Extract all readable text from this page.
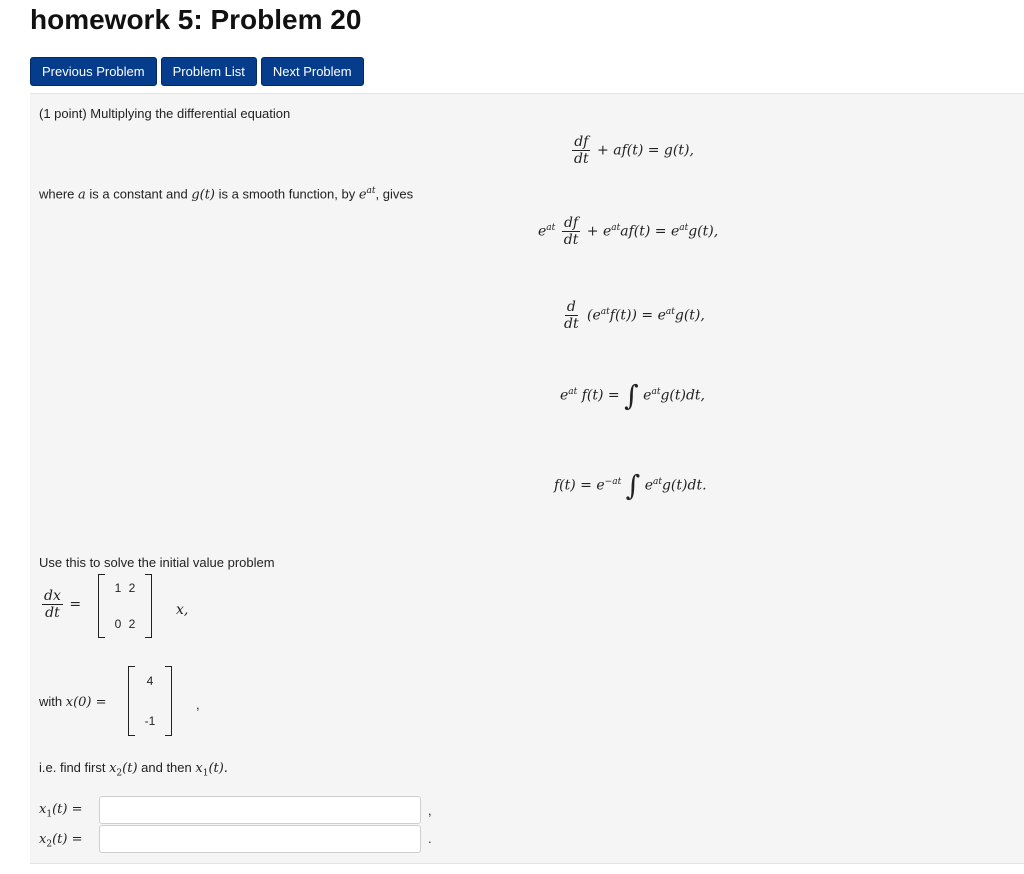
homework 5: Problem 20
Previous Problem	Problem List	Next Problem
(1 point) Multiplying the differential equation
$\frac{df}{dt} + af(t) = g(t)$,
where a is a constant and g(t) is a smooth function, by $e^{at}$, gives
$e^{at} \frac{df}{dt} + e^{at}af(t) = e^{at}g(t)$,
$\frac{d}{dt} (e^{at}f(t)) = e^{at}g(t)$,
$e^{at}$ f(t) = ∫ $e^{at}g(t)dt$,
$f(t) = e^{-at}$ ∫ $e^{at}g(t)dt$.
Use this to solve the initial value problem
$\frac{dx}{dt}$ =
1 2
0 2
x,
with x(0) =
4
-1
,
i.e. find first $x_2(t)$ and then $x_1(t)$.
$x_1(t)$ =	,
$x_2(t)$ =	.
